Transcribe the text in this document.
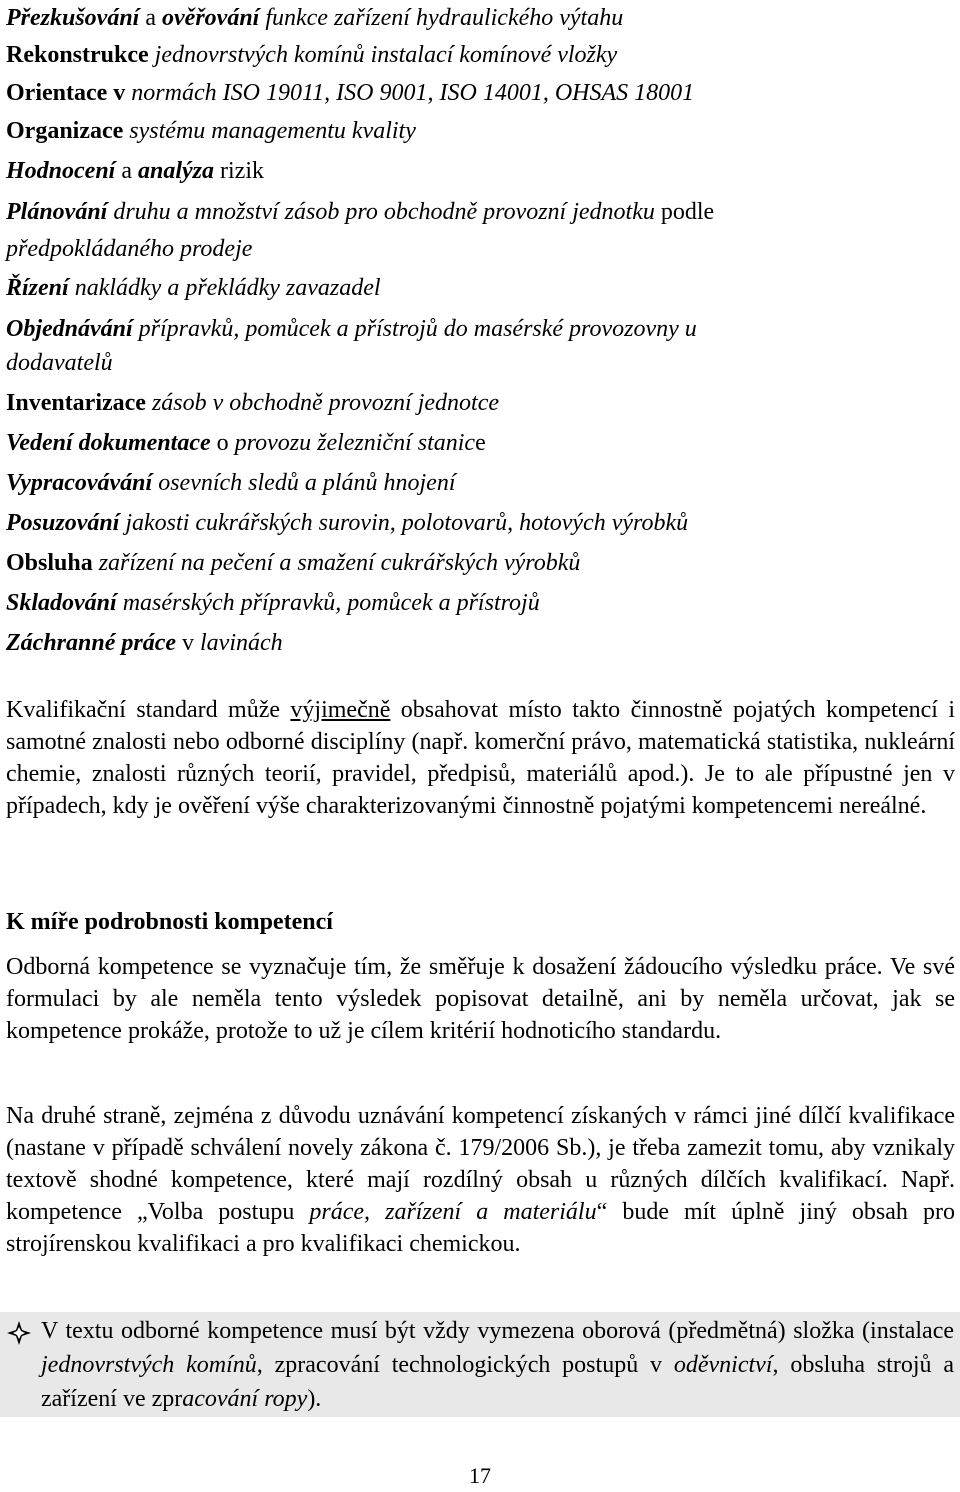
Přezkušování a ověřování funkce zařízení hydraulického výtahu
Rekonstrukce jednovrstvých komínů instalací komínové vložky
Orientace v normách ISO 19011, ISO 9001, ISO 14001, OHSAS 18001
Organizace systému managementu kvality
Hodnocení a analýza rizik
Plánování druhu a množství zásob pro obchodně provozní jednotku podle
předpokládaného prodeje
Řízení nakládky a překládky zavazadel
Objednávání přípravků, pomůcek a přístrojů do masérské provozovny u
dodavatelů
Inventarizace zásob v obchodně provozní jednotce
Vedení dokumentace o provozu železniční stanice
Vypracovávání osevních sledů a plánů hnojení
Posuzování jakosti cukrářských surovin, polotovarů, hotových výrobků
Obsluha zařízení na pečení a smažení cukrářských výrobků
Skladování masérských přípravků, pomůcek a přístrojů
Záchranné práce v lavinách
Kvalifikační standard může výjimečně obsahovat místo takto činnostně pojatých kompetencí i samotné znalosti nebo odborné disciplíny (např. komerční právo, matematická statistika, nukleární chemie, znalosti různých teorií, pravidel, předpisů, materiálů apod.). Je to ale přípustné jen v případech, kdy je ověření výše charakterizovanými činnostně pojatými kompetencemi nereálné.
K míře podrobnosti kompetencí
Odborná kompetence se vyznačuje tím, že směřuje k dosažení žádoucího výsledku práce. Ve své formulaci by ale neměla tento výsledek popisovat detailně, ani by neměla určovat, jak se kompetence prokáže, protože to už je cílem kritérií hodnoticího standardu.
Na druhé straně, zejména z důvodu uznávání kompetencí získaných v rámci jiné dílčí kvalifikace (nastane v případě schválení novely zákona č. 179/2006 Sb.), je třeba zamezit tomu, aby vznikaly textově shodné kompetence, které mají rozdílný obsah u různých dílčích kvalifikací. Např. kompetence „Volba postupu práce, zařízení a materiálu“ bude mít úplně jiný obsah pro strojírenskou kvalifikaci a pro kvalifikaci chemickou.
V textu odborné kompetence musí být vždy vymezena oborová (předmětná) složka (instalace jednovrstvých komínů, zpracování technologických postupů v oděvnictví, obsluha strojů a zařízení ve zpracování ropy).
17
